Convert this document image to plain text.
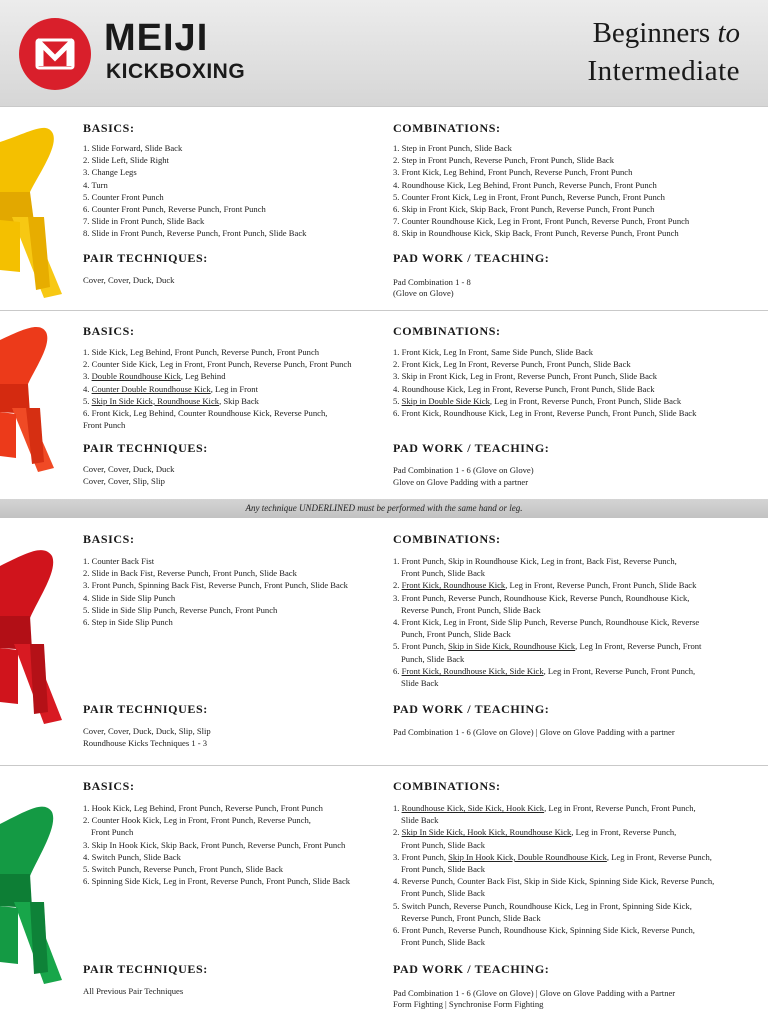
MEIJI
KICKBOXING
Beginners to
Intermediate
BASICS:
1. Slide Forward, Slide Back
2. Slide Left, Slide Right
3. Change Legs
4. Turn
5. Counter Front Punch
6. Counter Front Punch, Reverse Punch, Front Punch
7. Slide in Front Punch, Slide Back
8. Slide in Front Punch, Reverse Punch, Front Punch, Slide Back
COMBINATIONS:
1. Step in Front Punch, Slide Back
2. Step in Front Punch, Reverse Punch, Front Punch, Slide Back
3. Front Kick, Leg Behind, Front Punch, Reverse Punch, Front Punch
4. Roundhouse Kick, Leg Behind, Front Punch, Reverse Punch, Front Punch
5. Counter Front Kick, Leg in Front, Front Punch, Reverse Punch, Front Punch
6. Skip in Front Kick, Skip Back, Front Punch, Reverse Punch, Front Punch
7. Counter Roundhouse Kick, Leg in Front, Front Punch, Reverse Punch, Front Punch
8. Skip in Roundhouse Kick, Skip Back, Front Punch, Reverse Punch, Front Punch
PAIR TECHNIQUES:
Cover, Cover, Duck, Duck
PAD WORK / TEACHING:
Pad Combination 1 - 8
(Glove on Glove)
BASICS:
1. Side Kick, Leg Behind, Front Punch, Reverse Punch, Front Punch
2. Counter Side Kick, Leg in Front, Front Punch, Reverse Punch, Front Punch
3. Double Roundhouse Kick, Leg Behind
4. Counter Double Roundhouse Kick, Leg in Front
5. Skip In Side Kick, Roundhouse Kick, Skip Back
6. Front Kick, Leg Behind, Counter Roundhouse Kick, Reverse Punch,
Front Punch
COMBINATIONS:
1. Front Kick, Leg In Front, Same Side Punch, Slide Back
2. Front Kick, Leg In Front, Reverse Punch, Front Punch, Slide Back
3. Skip in Front Kick, Leg in Front, Reverse Punch, Front Punch, Slide Back
4. Roundhouse Kick, Leg in Front, Reverse Punch, Front Punch, Slide Back
5. Skip in Double Side Kick, Leg in Front, Reverse Punch, Front Punch, Slide Back
6. Front Kick, Roundhouse Kick, Leg in Front, Reverse Punch, Front Punch, Slide Back
PAIR TECHNIQUES:
Cover, Cover, Duck, Duck
Cover, Cover, Slip, Slip
PAD WORK / TEACHING:
Pad Combination 1 - 6 (Glove on Glove)
Glove on Glove Padding with a partner
Any technique UNDERLINED must be performed with the same hand or leg.
BASICS:
1. Counter Back Fist
2. Slide in Back Fist, Reverse Punch, Front Punch, Slide Back
3. Front Punch, Spinning Back Fist, Reverse Punch, Front Punch, Slide Back
4. Slide in Side Slip Punch
5. Slide in Side Slip Punch, Reverse Punch, Front Punch
6. Step in Side Slip Punch
COMBINATIONS:
1. Front Punch, Skip in Roundhouse Kick, Leg in front, Back Fist, Reverse Punch,
Front Punch, Slide Back
2. Front Kick, Roundhouse Kick, Leg in Front, Reverse Punch, Front Punch, Slide Back
3. Front Punch, Reverse Punch, Roundhouse Kick, Reverse Punch, Roundhouse Kick,
Reverse Punch, Front Punch, Slide Back
4. Front Kick, Leg in Front, Side Slip Punch, Reverse Punch, Roundhouse Kick, Reverse
Punch, Front Punch, Slide Back
5. Front Punch, Skip in Side Kick, Roundhouse Kick, Leg In Front, Reverse Punch, Front
Punch, Slide Back
6. Front Kick, Roundhouse Kick, Side Kick, Leg in Front, Reverse Punch, Front Punch,
Slide Back
PAIR TECHNIQUES:
Cover, Cover, Duck, Duck, Slip, Slip
Roundhouse Kicks Techniques 1 - 3
PAD WORK / TEACHING:
Pad Combination 1 - 6 (Glove on Glove) | Glove on Glove Padding with a partner
BASICS:
1. Hook Kick, Leg Behind, Front Punch, Reverse Punch, Front Punch
2. Counter Hook Kick, Leg in Front, Front Punch, Reverse Punch,
Front Punch
3. Skip In Hook Kick, Skip Back, Front Punch, Reverse Punch, Front Punch
4. Switch Punch, Slide Back
5. Switch Punch, Reverse Punch, Front Punch, Slide Back
6. Spinning Side Kick, Leg in Front, Reverse Punch, Front Punch, Slide Back
COMBINATIONS:
1. Roundhouse Kick, Side Kick, Hook Kick, Leg in Front, Reverse Punch, Front Punch,
Slide Back
2. Skip In Side Kick, Hook Kick, Roundhouse Kick, Leg in Front, Reverse Punch,
Front Punch, Slide Back
3. Front Punch, Skip In Hook Kick, Double Roundhouse Kick, Leg in Front, Reverse Punch,
Front Punch, Slide Back
4. Reverse Punch, Counter Back Fist, Skip in Side Kick, Spinning Side Kick, Reverse Punch,
Front Punch, Slide Back
5. Switch Punch, Reverse Punch, Roundhouse Kick, Leg in Front, Spinning Side Kick,
Reverse Punch, Front Punch, Slide Back
6. Front Punch, Reverse Punch, Roundhouse Kick, Spinning Side Kick, Reverse Punch,
Front Punch, Slide Back
PAIR TECHNIQUES:
All Previous Pair Techniques
PAD WORK / TEACHING:
Pad Combination 1 - 6 (Glove on Glove) | Glove on Glove Padding with a Partner
Form Fighting | Synchronise Form Fighting
